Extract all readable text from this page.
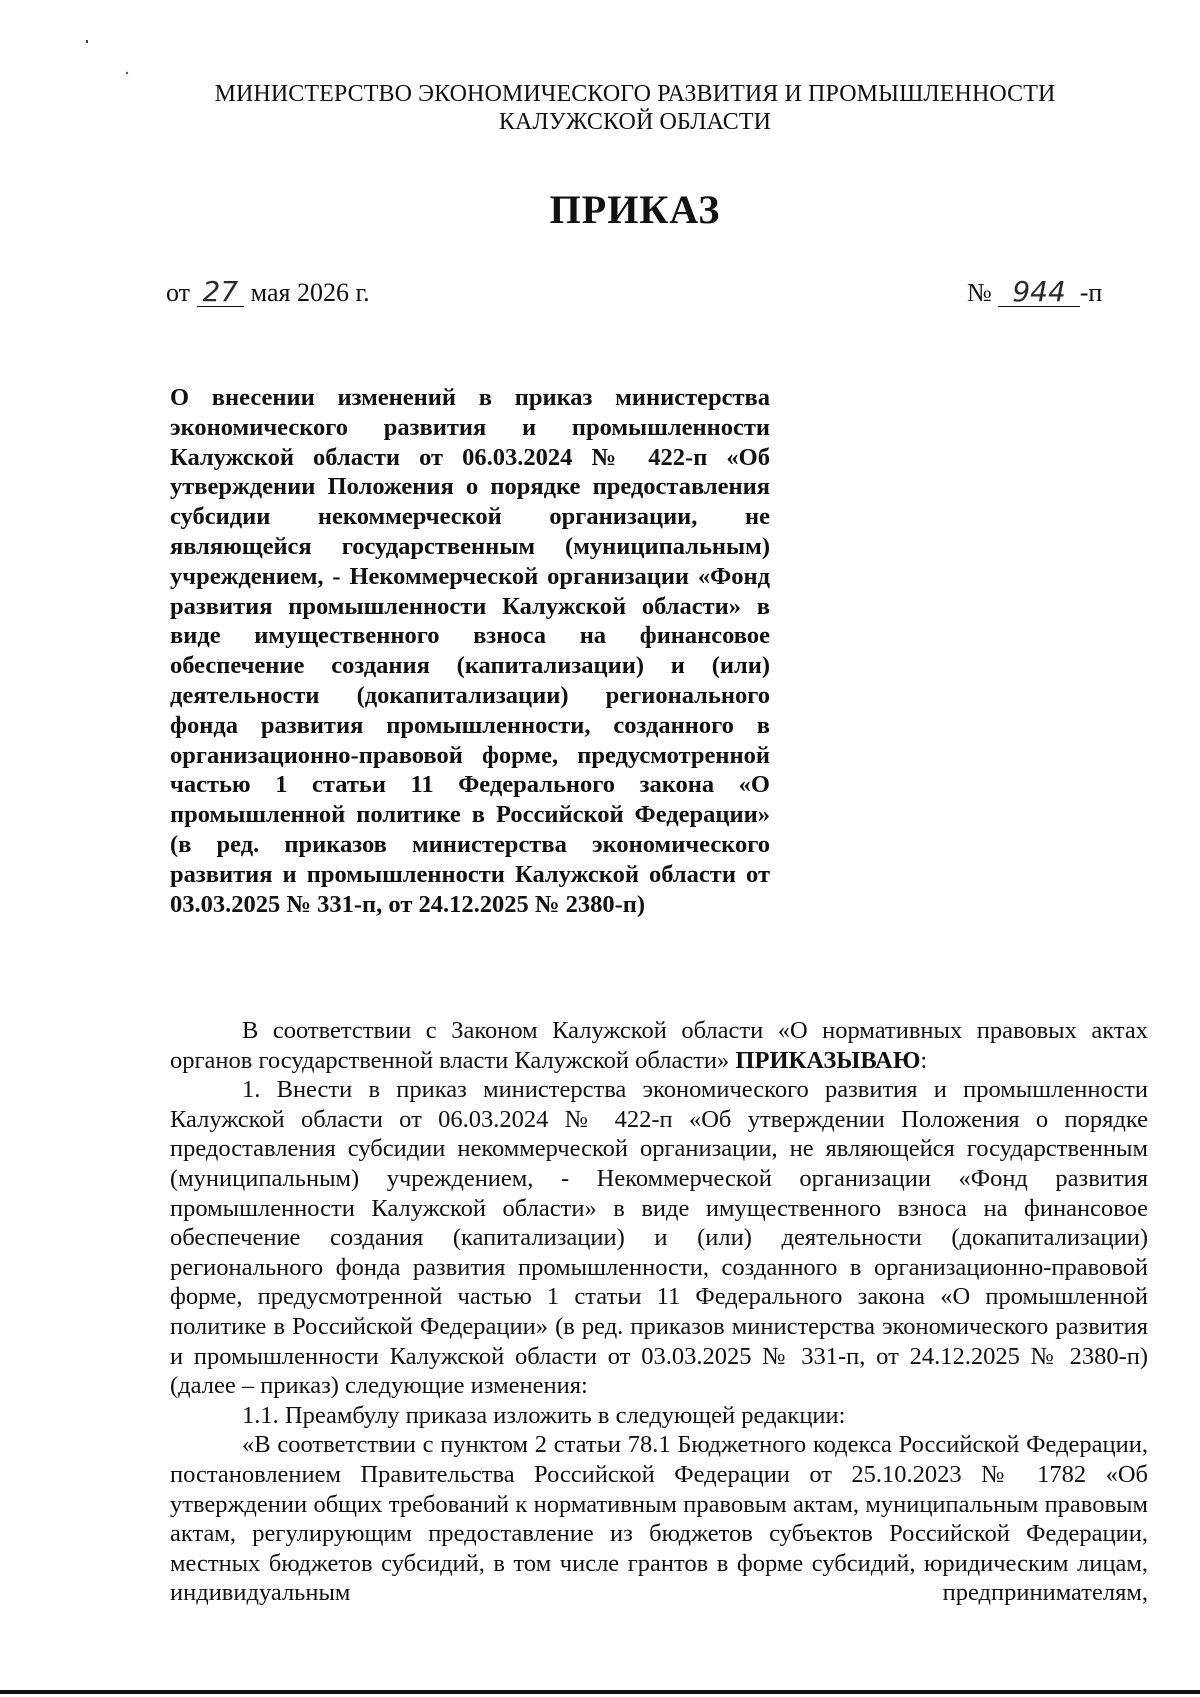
МИНИСТЕРСТВО ЭКОНОМИЧЕСКОГО РАЗВИТИЯ И ПРОМЫШЛЕННОСТИ
КАЛУЖСКОЙ ОБЛАСТИ
ПРИКАЗ
от 27 мая 2026 г.	№ 944 -п
О внесении изменений в приказ министерства экономического развития и промышленности Калужской области от 06.03.2024 № 422-п «Об утверждении Положения о порядке предоставления субсидии некоммерческой организации, не являющейся государственным (муниципальным) учреждением, - Некоммерческой организации «Фонд развития промышленности Калужской области» в виде имущественного взноса на финансовое обеспечение создания (капитализации) и (или) деятельности (докапитализации) регионального фонда развития промышленности, созданного в организационно-правовой форме, предусмотренной частью 1 статьи 11 Федерального закона «О промышленной политике в Российской Федерации» (в ред. приказов министерства экономического развития и промышленности Калужской области от 03.03.2025 № 331-п, от 24.12.2025 № 2380-п)

В соответствии с Законом Калужской области «О нормативных правовых актах органов государственной власти Калужской области» ПРИКАЗЫВАЮ:

1. Внести в приказ министерства экономического развития и промышленности Калужской области от 06.03.2024 № 422-п «Об утверждении Положения о порядке предоставления субсидии некоммерческой организации, не являющейся государственным (муниципальным) учреждением, - Некоммерческой организации «Фонд развития промышленности Калужской области» в виде имущественного взноса на финансовое обеспечение создания (капитализации) и (или) деятельности (докапитализации) регионального фонда развития промышленности, созданного в организационно-правовой форме, предусмотренной частью 1 статьи 11 Федерального закона «О промышленной политике в Российской Федерации» (в ред. приказов министерства экономического развития и промышленности Калужской области от 03.03.2025 № 331-п, от 24.12.2025 № 2380-п) (далее – приказ) следующие изменения:

1.1. Преамбулу приказа изложить в следующей редакции:

«В соответствии с пунктом 2 статьи 78.1 Бюджетного кодекса Российской Федерации, постановлением Правительства Российской Федерации от 25.10.2023 № 1782 «Об утверждении общих требований к нормативным правовым актам, муниципальным правовым актам, регулирующим предоставление из бюджетов субъектов Российской Федерации, местных бюджетов субсидий, в том числе грантов в форме субсидий, юридическим лицам, индивидуальным предпринимателям,
